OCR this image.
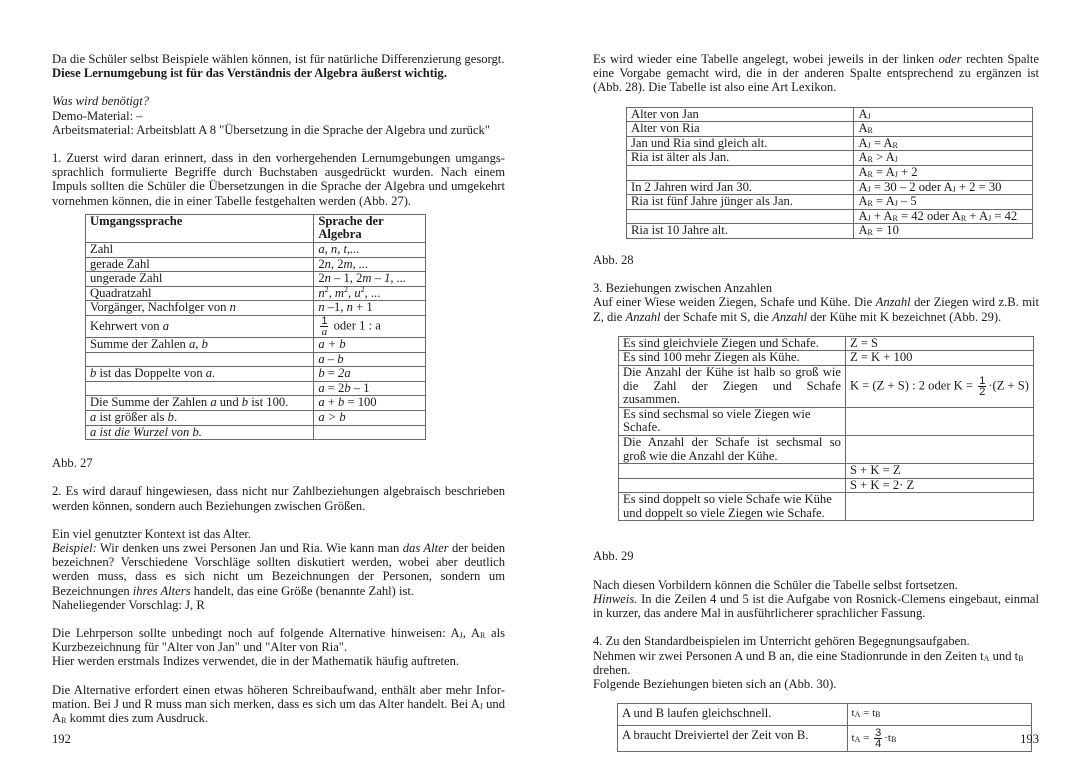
Da die Schüler selbst Beispiele wählen können, ist für natürliche Differenzierung gesorgt.

Diese Lernumgebung ist für das Verständnis der Algebra äußerst wichtig.

Was wird benötigt?

Demo-Material: –

Arbeitsmaterial: Arbeitsblatt A 8 "Übersetzung in die Sprache der Algebra und zurück"

1. Zuerst wird daran erinnert, dass in den vorhergehenden Lernumgebungen umgangs-sprachlich formulierte Begriffe durch Buchstaben ausgedrückt wurden. Nach einem Impuls sollten die Schüler die Übersetzungen in die Sprache der Algebra und umgekehrt vornehmen können, die in einer Tabelle festgehalten werden (Abb. 27).

Umgangssprache	Sprache der Algebra
Zahl	a, n, t,...
gerade Zahl	2n, 2m, ...
ungerade Zahl	2n – 1, 2m – 1, ...
Quadratzahl	$n^2$, $m^2$, $u^2$, ...
Vorgänger, Nachfolger von n	n –1, n + 1
Kehrwert von a	$\frac{1}{a}$ oder 1 : a
Summe der Zahlen a, b	a + b
	a – b
b ist das Doppelte von a.	b = 2a
	a = 2b – 1
Die Summe der Zahlen a und b ist 100.	a + b = 100
a ist größer als b.	a > b
a ist die Wurzel von b.	

Abb. 27

2. Es wird darauf hingewiesen, dass nicht nur Zahlbeziehungen algebraisch beschrieben werden können, sondern auch Beziehungen zwischen Größen.

Ein viel genutzter Kontext ist das Alter.

Beispiel: Wir denken uns zwei Personen Jan und Ria. Wie kann man das Alter der beiden bezeichnen? Verschiedene Vorschläge sollten diskutiert werden, wobei aber deutlich werden muss, dass es sich nicht um Bezeichnungen der Personen, sondern um Bezeichnungen ihres Alters handelt, das eine Größe (benannte Zahl) ist.

Naheliegender Vorschlag: J, R

Die Lehrperson sollte unbedingt noch auf folgende Alternative hinweisen: $A_J$, $A_R$ als Kurzbezeichnung für "Alter von Jan" und "Alter von Ria".

Hier werden erstmals Indizes verwendet, die in der Mathematik häufig auftreten.

Die Alternative erfordert einen etwas höheren Schreibaufwand, enthält aber mehr Infor-mation. Bei J und R muss man sich merken, dass es sich um das Alter handelt. Bei $A_J$ und $A_R$ kommt dies zum Ausdruck.

192

Es wird wieder eine Tabelle angelegt, wobei jeweils in der linken oder rechten Spalte eine Vorgabe gemacht wird, die in der anderen Spalte entsprechend zu ergänzen ist (Abb. 28). Die Tabelle ist also eine Art Lexikon.

Alter von Jan	$A_J$
Alter von Ria	$A_R$
Jan und Ria sind gleich alt.	$A_J = A_R$
Ria ist älter als Jan.	$A_R > A_J$
	$A_R = A_J + 2$
In 2 Jahren wird Jan 30.	$A_J = 30 - 2$ oder $A_J + 2 = 30$
Ria ist fünf Jahre jünger als Jan.	$A_R = A_J - 5$
	$A_J + A_R = 42$ oder $A_R + A_J = 42$
Ria ist 10 Jahre alt.	$A_R = 10$

Abb. 28

3. Beziehungen zwischen Anzahlen

Auf einer Wiese weiden Ziegen, Schafe und Kühe. Die Anzahl der Ziegen wird z.B. mit Z, die Anzahl der Schafe mit S, die Anzahl der Kühe mit K bezeichnet (Abb. 29).

Es sind gleichviele Ziegen und Schafe.	Z = S
Es sind 100 mehr Ziegen als Kühe.	Z = K + 100
Die Anzahl der Kühe ist halb so groß wie die Zahl der Ziegen und Schafe zusammen.	K = (Z + S) : 2 oder $K = \frac{1}{2} \cdot(Z + S)$
Es sind sechsmal so viele Ziegen wie Schafe.	
Die Anzahl der Schafe ist sechsmal so groß wie die Anzahl der Kühe.	
	S + K = Z
	S + K = 2· Z
Es sind doppelt so viele Schafe wie Kühe und doppelt so viele Ziegen wie Schafe.	

Abb. 29

Nach diesen Vorbildern können die Schüler die Tabelle selbst fortsetzen.

Hinweis. In die Zeilen 4 und 5 ist die Aufgabe von Rosnick-Clemens eingebaut, einmal in kurzer, das andere Mal in ausführlicherer sprachlicher Fassung.

4. Zu den Standardbeispielen im Unterricht gehören Begegnungsaufgaben.

Nehmen wir zwei Personen A und B an, die eine Stadionrunde in den Zeiten $t_A$ und $t_B$ drehen.

Folgende Beziehungen bieten sich an (Abb. 30).

A und B laufen gleichschnell.	$t_A = t_B$
A braucht Dreiviertel der Zeit von B.	$t_A = \frac{3}{4} \cdot t_B$	193
